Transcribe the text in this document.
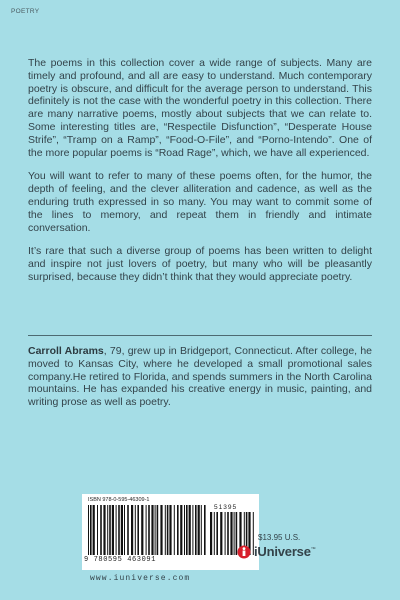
POETRY

The poems in this collection cover a wide range of subjects. Many are timely and profound, and all are easy to understand. Much contemporary poetry is obscure, and difficult for the average person to understand. This definitely is not the case with the wonderful poetry in this collection. There are many narrative poems, mostly about subjects that we can relate to. Some interesting titles are, “Respectile Disfunction”, “Desperate House Strife”, “Tramp on a Ramp”, “Food-O-File”, and “Porno-Intendo”. One of the more popular poems is “Road Rage”, which, we have all experienced.

You will want to refer to many of these poems often, for the humor, the depth of feeling, and the clever alliteration and cadence, as well as the enduring truth expressed in so many. You may want to commit some of the lines to memory, and repeat them in friendly and intimate conversation.

It’s rare that such a diverse group of poems has been written to delight and inspire not just lovers of poetry, but many who will be pleasantly surprised, because they didn’t think that they would appreciate poetry.

Carroll Abrams, 79, grew up in Bridgeport, Connecticut. After college, he moved to Kansas City, where he developed a small promotional sales company.He retired to Florida, and spends summers in the North Carolina mountains. He has expanded his creative energy in music, painting, and writing prose as well as poetry.
ISBN 978-0-595-46309-1
51395
9 780595 463091
www.iuniverse.com
$13.95 U.S.
iUniverse™
